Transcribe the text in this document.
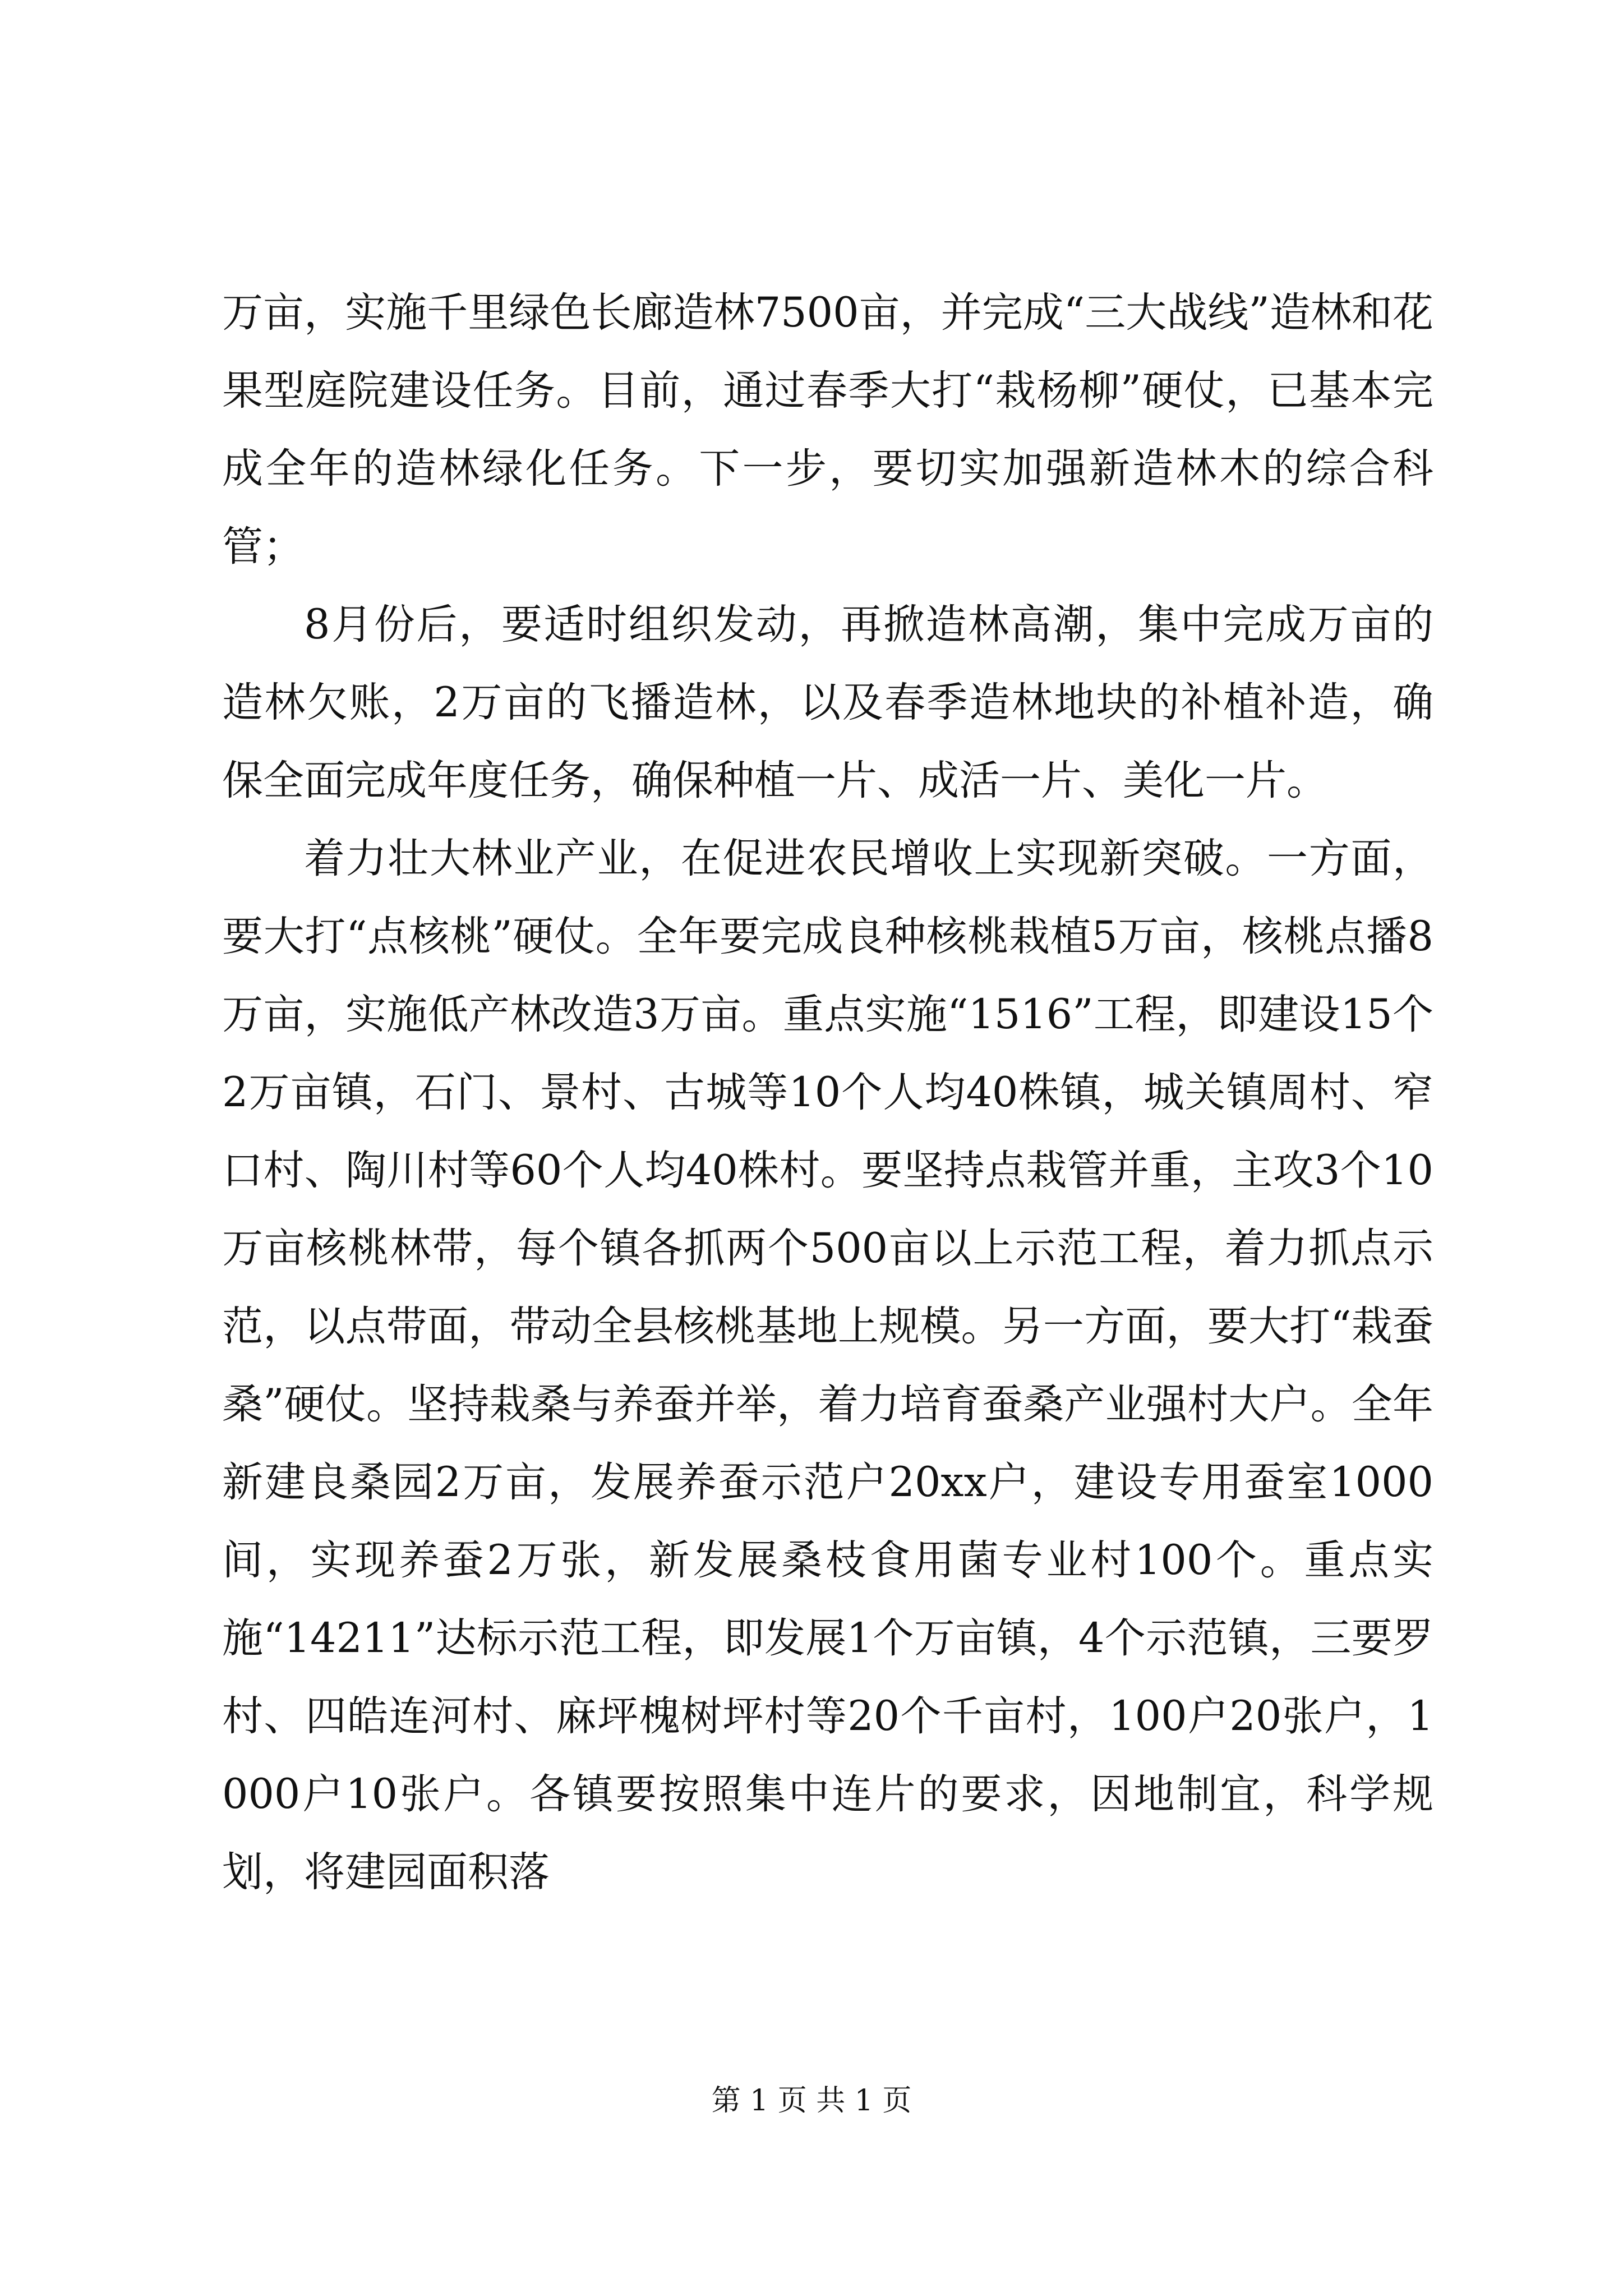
万亩，实施千里绿色长廊造林7500亩，并完成“三大战线”造林和花果型庭院建设任务。目前，通过春季大打“栽杨柳”硬仗，已基本完成全年的造林绿化任务。下一步，要切实加强新造林木的综合科管；

8月份后，要适时组织发动，再掀造林高潮，集中完成万亩的造林欠账，2万亩的飞播造林，以及春季造林地块的补植补造，确保全面完成年度任务，确保种植一片、成活一片、美化一片。

着力壮大林业产业，在促进农民增收上实现新突破。一方面，要大打“点核桃”硬仗。全年要完成良种核桃栽植5万亩，核桃点播8万亩，实施低产林改造3万亩。重点实施“1516”工程，即建设15个2万亩镇，石门、景村、古城等10个人均40株镇，城关镇周村、窄口村、陶川村等60个人均40株村。要坚持点栽管并重，主攻3个10万亩核桃林带，每个镇各抓两个500亩以上示范工程，着力抓点示范，以点带面，带动全县核桃基地上规模。另一方面，要大打“栽蚕桑”硬仗。坚持栽桑与养蚕并举，着力培育蚕桑产业强村大户。全年新建良桑园2万亩，发展养蚕示范户20xx户，建设专用蚕室1000间，实现养蚕2万张，新发展桑枝食用菌专业村100个。重点实施“14211”达标示范工程，即发展1个万亩镇，4个示范镇，三要罗村、四皓连河村、麻坪槐树坪村等20个千亩村，100户20张户，1000户10张户。各镇要按照集中连片的要求，因地制宜，科学规划，将建园面积落

第 1 页 共 1 页
